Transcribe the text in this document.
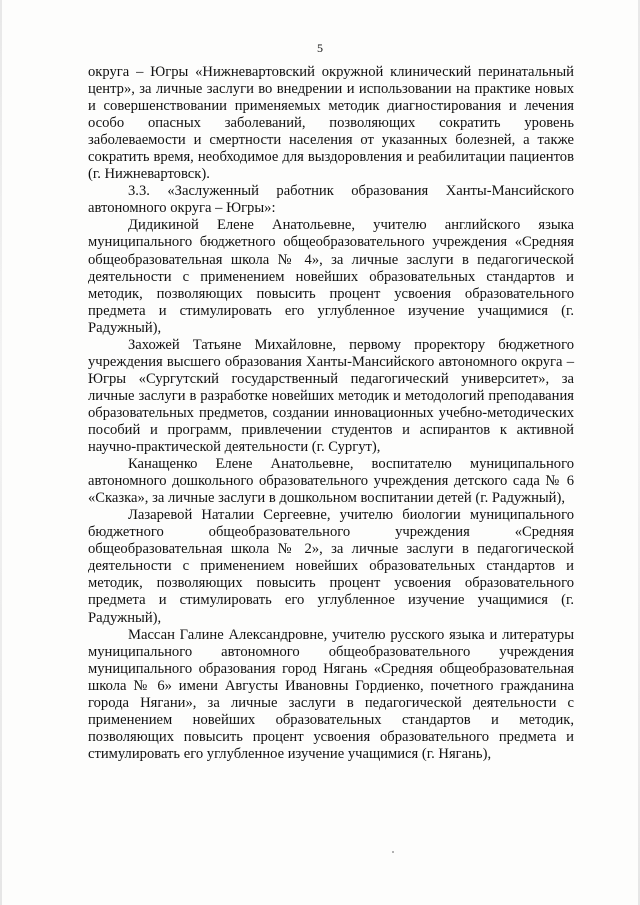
5

округа – Югры «Нижневартовский окружной клинический перинатальный центр», за личные заслуги во внедрении и использовании на практике новых и совершенствовании применяемых методик диагностирования и лечения особо опасных заболеваний, позволяющих сократить уровень заболеваемости и смертности населения от указанных болезней, а также сократить время, необходимое для выздоровления и реабилитации пациентов (г. Нижневартовск).

3.3. «Заслуженный работник образования Ханты-Мансийского автономного округа – Югры»:

Дидикиной Елене Анатольевне, учителю английского языка муниципального бюджетного общеобразовательного учреждения «Средняя общеобразовательная школа № 4», за личные заслуги в педагогической деятельности с применением новейших образовательных стандартов и методик, позволяющих повысить процент усвоения образовательного предмета и стимулировать его углубленное изучение учащимися (г. Радужный),

Захожей Татьяне Михайловне, первому проректору бюджетного учреждения высшего образования Ханты-Мансийского автономного округа – Югры «Сургутский государственный педагогический университет», за личные заслуги в разработке новейших методик и методологий преподавания образовательных предметов, создании инновационных учебно-методических пособий и программ, привлечении студентов и аспирантов к активной научно-практической деятельности (г. Сургут),

Канащенко Елене Анатольевне, воспитателю муниципального автономного дошкольного образовательного учреждения детского сада № 6 «Сказка», за личные заслуги в дошкольном воспитании детей (г. Радужный),

Лазаревой Наталии Сергеевне, учителю биологии муниципального бюджетного общеобразовательного учреждения «Средняя общеобразовательная школа № 2», за личные заслуги в педагогической деятельности с применением новейших образовательных стандартов и методик, позволяющих повысить процент усвоения образовательного предмета и стимулировать его углубленное изучение учащимися (г. Радужный),

Массан Галине Александровне, учителю русского языка и литературы муниципального автономного общеобразовательного учреждения муниципального образования город Нягань «Средняя общеобразовательная школа № 6» имени Августы Ивановны Гордиенко, почетного гражданина города Нягани», за личные заслуги в педагогической деятельности с применением новейших образовательных стандартов и методик, позволяющих повысить процент усвоения образовательного предмета и стимулировать его углубленное изучение учащимися (г. Нягань),
